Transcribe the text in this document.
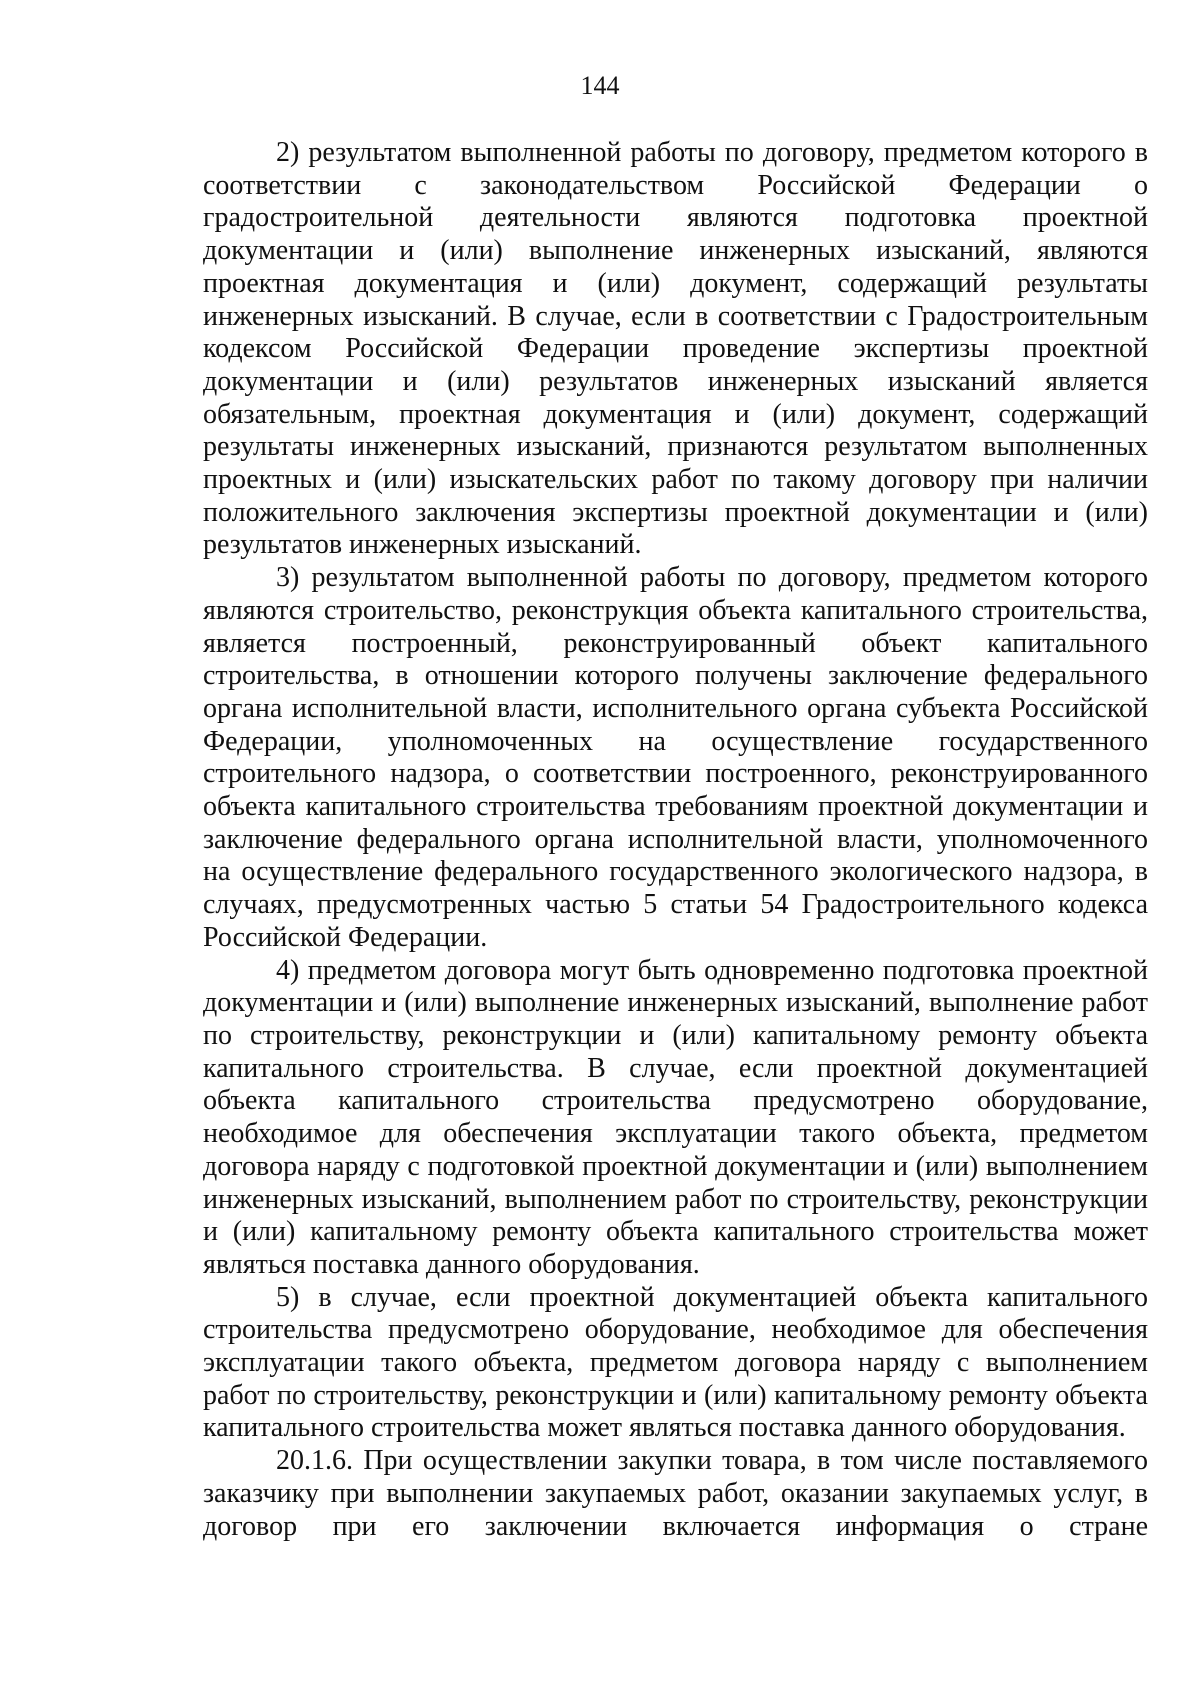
144

2) результатом выполненной работы по договору, предметом которого в соответствии с законодательством Российской Федерации о градостроительной деятельности являются подготовка проектной документации и (или) выполнение инженерных изысканий, являются проектная документация и (или) документ, содержащий результаты инженерных изысканий. В случае, если в соответствии с Градостроительным кодексом Российской Федерации проведение экспертизы проектной документации и (или) результатов инженерных изысканий является обязательным, проектная документация и (или) документ, содержащий результаты инженерных изысканий, признаются результатом выполненных проектных и (или) изыскательских работ по такому договору при наличии положительного заключения экспертизы проектной документации и (или) результатов инженерных изысканий.

3) результатом выполненной работы по договору, предметом которого являются строительство, реконструкция объекта капитального строительства, является построенный, реконструированный объект капитального строительства, в отношении которого получены заключение федерального органа исполнительной власти, исполнительного органа субъекта Российской Федерации, уполномоченных на осуществление государственного строительного надзора, о соответствии построенного, реконструированного объекта капитального строительства требованиям проектной документации и заключение федерального органа исполнительной власти, уполномоченного на осуществление федерального государственного экологического надзора, в случаях, предусмотренных частью 5 статьи 54 Градостроительного кодекса Российской Федерации.

4) предметом договора могут быть одновременно подготовка проектной документации и (или) выполнение инженерных изысканий, выполнение работ по строительству, реконструкции и (или) капитальному ремонту объекта капитального строительства. В случае, если проектной документацией объекта капитального строительства предусмотрено оборудование, необходимое для обеспечения эксплуатации такого объекта, предметом договора наряду с подготовкой проектной документации и (или) выполнением инженерных изысканий, выполнением работ по строительству, реконструкции и (или) капитальному ремонту объекта капитального строительства может являться поставка данного оборудования.

5) в случае, если проектной документацией объекта капитального строительства предусмотрено оборудование, необходимое для обеспечения эксплуатации такого объекта, предметом договора наряду с выполнением работ по строительству, реконструкции и (или) капитальному ремонту объекта капитального строительства может являться поставка данного оборудования.

20.1.6. При осуществлении закупки товара, в том числе поставляемого заказчику при выполнении закупаемых работ, оказании закупаемых услуг, в договор при его заключении включается информация о стране
